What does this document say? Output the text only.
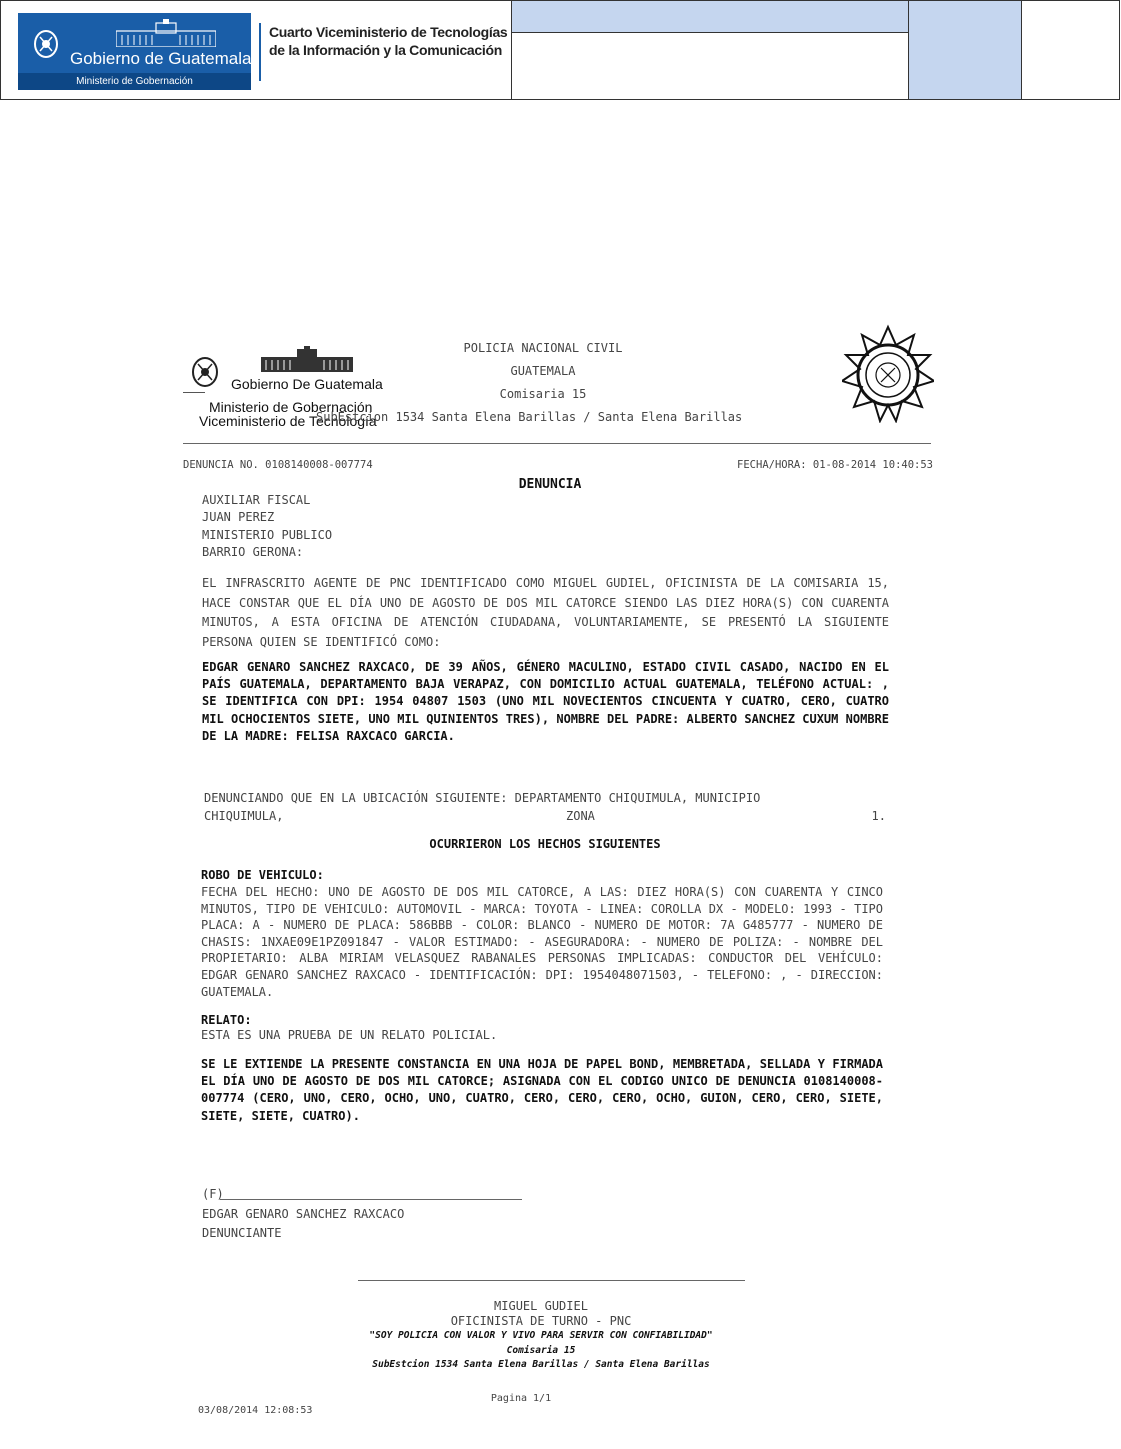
Gobierno de Guatemala
Ministerio de Gobernación
Cuarto Viceministerio de Tecnologías
de la Información y la Comunicación
Gobierno De Guatemala
Ministerio de Gobernación
Viceministerio de Tecnología
POLICIA NACIONAL CIVIL
GUATEMALA
Comisaria 15
SubEstcion 1534 Santa Elena Barillas / Santa Elena Barillas
DENUNCIA NO. 0108140008-007774	FECHA/HORA: 01-08-2014 10:40:53
DENUNCIA
AUXILIAR FISCAL
JUAN PEREZ
MINISTERIO PUBLICO
BARRIO GERONA:
EL INFRASCRITO AGENTE DE PNC IDENTIFICADO COMO MIGUEL GUDIEL, OFICINISTA DE LA COMISARIA 15, HACE CONSTAR QUE EL DÍA UNO DE AGOSTO DE DOS MIL CATORCE SIENDO LAS DIEZ HORA(S) CON CUARENTA MINUTOS, A ESTA OFICINA DE ATENCIÓN CIUDADANA, VOLUNTARIAMENTE, SE PRESENTÓ LA SIGUIENTE PERSONA QUIEN SE IDENTIFICÓ COMO:
EDGAR GENARO SANCHEZ RAXCACO, DE 39 AÑOS, GÉNERO MACULINO, ESTADO CIVIL CASADO, NACIDO EN EL PAÍS GUATEMALA, DEPARTAMENTO BAJA VERAPAZ, CON DOMICILIO ACTUAL GUATEMALA, TELÉFONO ACTUAL: , SE IDENTIFICA CON DPI: 1954 04807 1503 (UNO MIL NOVECIENTOS CINCUENTA Y CUATRO, CERO, CUATRO MIL OCHOCIENTOS SIETE, UNO MIL QUINIENTOS TRES), NOMBRE DEL PADRE: ALBERTO SANCHEZ CUXUM NOMBRE DE LA MADRE: FELISA RAXCACO GARCIA.
DENUNCIANDO QUE EN LA UBICACIÓN SIGUIENTE: DEPARTAMENTO CHIQUIMULA, MUNICIPIO
CHIQUIMULA,	ZONA	1.
OCURRIERON LOS HECHOS SIGUIENTES
ROBO DE VEHICULO:
FECHA DEL HECHO: UNO DE AGOSTO DE DOS MIL CATORCE, A LAS: DIEZ HORA(S) CON CUARENTA Y CINCO MINUTOS, TIPO DE VEHICULO: AUTOMOVIL - MARCA: TOYOTA - LINEA: COROLLA DX - MODELO: 1993 - TIPO PLACA: A - NUMERO DE PLACA: 586BBB - COLOR: BLANCO - NUMERO DE MOTOR: 7A G485777 - NUMERO DE CHASIS: 1NXAE09E1PZ091847 - VALOR ESTIMADO: - ASEGURADORA: - NUMERO DE POLIZA: - NOMBRE DEL PROPIETARIO: ALBA MIRIAM VELASQUEZ RABANALES PERSONAS IMPLICADAS: CONDUCTOR DEL VEHÍCULO: EDGAR GENARO SANCHEZ RAXCACO - IDENTIFICACIÓN: DPI: 1954048071503, - TELEFONO: , - DIRECCION: GUATEMALA.
RELATO:
ESTA ES UNA PRUEBA DE UN RELATO POLICIAL.
SE LE EXTIENDE LA PRESENTE CONSTANCIA EN UNA HOJA DE PAPEL BOND, MEMBRETADA, SELLADA Y FIRMADA EL DÍA UNO DE AGOSTO DE DOS MIL CATORCE; ASIGNADA CON EL CODIGO UNICO DE DENUNCIA 0108140008-007774 (CERO, UNO, CERO, OCHO, UNO, CUATRO, CERO, CERO, CERO, OCHO, GUION, CERO, CERO, SIETE, SIETE, SIETE, CUATRO).
(F)
EDGAR GENARO SANCHEZ RAXCACO
DENUNCIANTE
MIGUEL GUDIEL
OFICINISTA DE TURNO - PNC
"SOY POLICIA CON VALOR Y VIVO PARA SERVIR CON CONFIABILIDAD"
Comisaria 15
SubEstcion 1534 Santa Elena Barillas / Santa Elena Barillas
Pagina 1/1
03/08/2014 12:08:53
